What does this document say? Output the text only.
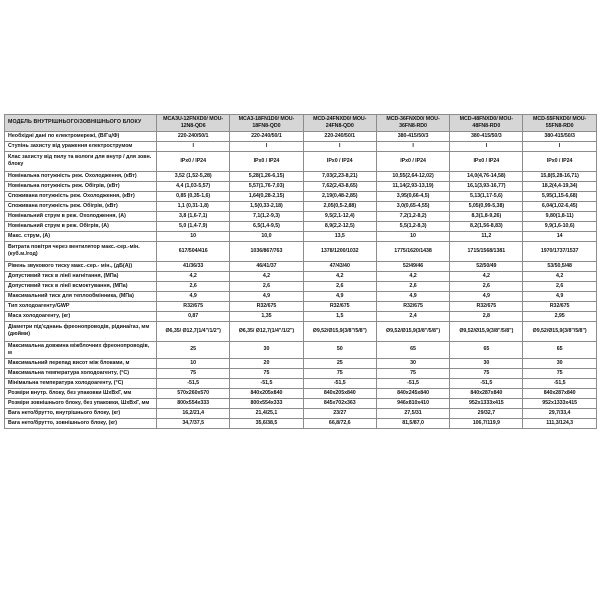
МОДЕЛЬ ВНУТРІШНЬОГО/ЗОВНІШНЬОГО БЛОКУ	MCA3U-12FNXD0/ MOU-12N8-QD6	MCA3-18FN1D0/ MOU-18FN8-QD0	MCD-24FNXD0/ MOU-24FN8-QD0	MCD-36FNXD0/ MOU-36FN8-RD0	MCD-48FNXD0/ MOU-48FN8-RD0	MCD-55FNXD0/ MOU-55FN8-RD0
Необхідні дані по електромережі, (В/Гц/Ф)	220-240/50/1	220-240/50/1	220-240/50/1	380-415/50/3	380-415/50/3	380-415/50/3
Ступінь захисту від ураження електрострумом	I	I	I	I	I	I
Клас захисту від пилу та вологи для внутр / для зовн. блоку	IPx0 / IP24	IPx0 / IP24	IPx0 / IP24	IPx0 / IP24	IPx0 / IP24	IPx0 / IP24
Номінальна потужність реж. Охолодження, (кВт)	3,52 (1,52-5,28)	5,28(1,26-6,15)	7,03(2,23-8,21)	10,55(2,64-12,02)	14,0(4,76-14,58)	15,8(5,28-16,71)
Номінальна потужність реж. Обігрів, (кВт)	4,4 (1,03-5,57)	5,57(1,76-7,03)	7,62(2,43-8,65)	11,14(2,93-13,19)	16,1(3,93-16,77)	18,2(4,4-19,34)
Споживана потужність реж. Охолодження, (кВт)	0,85 (0,35-1,6)	1,64(0,28-2,15)	2,19(0,48-2,85)	3,95(0,66-4,5)	5,13(1,17-5,6)	5,95(1,15-6,68)
Споживана потужність реж. Обігрів, (кВт)	1,1 (0,31-1,8)	1,5(0,33-2,18)	2,05(0,5-2,88)	3,0(0,65-4,55)	5,05(0,99-5,38)	6,04(1,02-6,45)
Номінальний струм в реж. Охолодження, (А)	3,8 (1,6-7,1)	7,1(1,2-9,3)	9,5(2,1-12,4)	7,2(1,2-8,2)	8,3(1,8-9,26)	9,80(1,8-11)
Номінальний струм в реж. Обігрів, (А)	5,0 (1,4-7,9)	6,5(1,4-9,5)	8,9(2,2-12,5)	5,5(1,2-8,3)	8,2(1,56-8,83)	9,9(1,6-10,6)
Макс. струм, (А)	10	10,0	13,5	10	11,2	14
Витрата повітря через вентилятор макс.-сер.-мін. (куб.м./год)	617/504/416	1036/867/763	1378/1200/1032	1775/1620/1438	1715/1568/1381	1970/1737/1537
Рівень звукового тиску макс.-сер.- мін., (дБ(А))	41/36/33	46/41/37	47/43/40	52/49/46	52/50/49	53/50,5/48
Допустимий тиск в лінії нагнітання, (МПа)	4,2	4,2	4,2	4,2	4,2	4,2
Допустимий тиск в лінії всмоктування, (МПа)	2,6	2,6	2,6	2,6	2,6	2,6
Максимальний тиск для теплообмінника, (МПа)	4,9	4,9	4,9	4,9	4,9	4,9
Тип холодоагенту/GWP	R32/675	R32/675	R32/675	R32/675	R32/675	R32/675
Маса холодоагенту, (кг)	0,87	1,35	1,5	2,4	2,8	2,95
Діаметри під'єднань фреонопроводів, рідина/газ, мм (дюйми)	Ø6,35/ Ø12,7(1/4"/1/2")	Ø6,35/ Ø12,7(1/4"/1/2")	Ø9,52/Ø15,9(3/8"/5/8")	Ø9,52/Ø15,9(3/8"/5/8")	Ø9,52/Ø15,9(3/8"/5/8")	Ø9,52/Ø15,9(3/8"/5/8")
Максимальна довжина міжблочних фреонопроводів, м	25	30	50	65	65	65
Максимальний перепад висот між блоками, м	10	20	25	30	30	30
Максимальна температура холодоагенту, (°С)	75	75	75	75	75	75
Мінімальна температура холодоагенту, (°С)	-51,5	-51,5	-51,5	-51,5	-51,5	-51,5
Розміри внутр. блоку, без упаковки ШхВхГ, мм	570х260х570	840х205х840	840х205х840	840х245х840	840х287х840	840х287х840
Розміри зовнішнього блоку, без упаковки, ШхВхГ, мм	800х554х333	800х554х333	845х702х363	946х810х410	952х1333х415	952х1333х415
Вага нето/брутто, внутрішнього блоку, (кг)	16,2/21,4	21,4/25,1	23/27	27,5/31	29/32,7	29,7/33,4
Вага нето/брутто, зовнішнього блоку, (кг)	34,7/37,5	35,6/38,5	66,8/72,6	81,5/87,0	106,7/119,9	111,3/124,3
